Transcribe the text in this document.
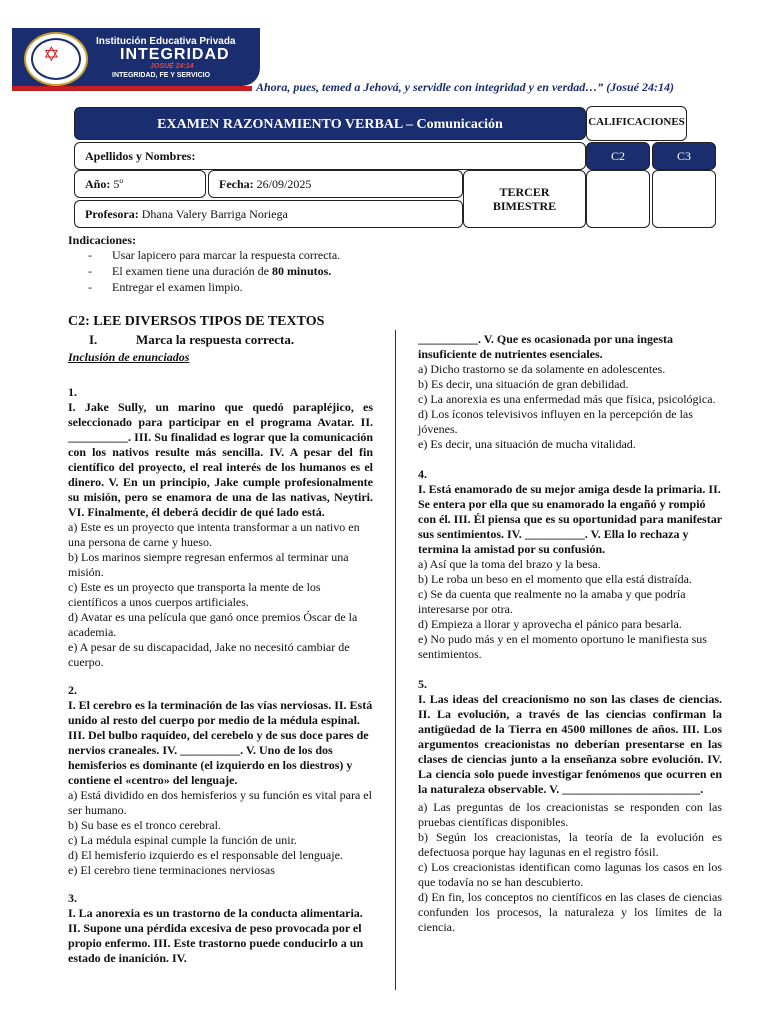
✡
Institución Educativa Privada
INTEGRIDAD
JOSUÉ 24:14
INTEGRIDAD, FE Y SERVICIO
Ahora, pues, temed a Jehová, y servidle con integridad y en verdad…” (Josué 24:14)
EXAMEN RAZONAMIENTO VERBAL – Comunicación	CALIFICACIONES
Apellidos y Nombres:	C2	C3
Año: 5º	Fecha: 26/09/2025
TERCER
BIMESTRE
Profesora: Dhana Valery Barriga Noriega
Indicaciones:
- Usar lapicero para marcar la respuesta correcta.
- El examen tiene una duración de 80 minutos.
- Entregar el examen limpio.
C2: LEE DIVERSOS TIPOS DE TEXTOS
I.	Marca la respuesta correcta.
Inclusión de enunciados

1.

I. Jake Sully, un marino que quedó parapléjico, es seleccionado para participar en el programa Avatar. II. __________. III. Su finalidad es lograr que la comunicación con los nativos resulte más sencilla. IV. A pesar del fin científico del proyecto, el real interés de los humanos es el dinero. V. En un principio, Jake cumple profesionalmente su misión, pero se enamora de una de las nativas, Neytiri. VI. Finalmente, él deberá decidir de qué lado está.

a) Este es un proyecto que intenta transformar a un nativo en una persona de carne y hueso.

b) Los marinos siempre regresan enfermos al terminar una misión.

c) Este es un proyecto que transporta la mente de los científicos a unos cuerpos artificiales.

d) Avatar es una película que ganó once premios Óscar de la academia.

e) A pesar de su discapacidad, Jake no necesitó cambiar de cuerpo.

2.

I. El cerebro es la terminación de las vías nerviosas. II. Está unido al resto del cuerpo por medio de la médula espinal. III. Del bulbo raquídeo, del cerebelo y de sus doce pares de nervios craneales. IV. __________. V. Uno de los dos hemisferios es dominante (el izquierdo en los diestros) y contiene el «centro» del lenguaje.

a) Está dividido en dos hemisferios y su función es vital para el ser humano.

b) Su base es el tronco cerebral.

c) La médula espinal cumple la función de unir.

d) El hemisferio izquierdo es el responsable del lenguaje.

e) El cerebro tiene terminaciones nerviosas

3.

I. La anorexia es un trastorno de la conducta alimentaria. II. Supone una pérdida excesiva de peso provocada por el propio enfermo. III. Este trastorno puede conducirlo a un estado de inanición. IV.

__________. V. Que es ocasionada por una ingesta insuficiente de nutrientes esenciales.

a) Dicho trastorno se da solamente en adolescentes.

b) Es decir, una situación de gran debilidad.

c) La anorexia es una enfermedad más que física, psicológica.

d) Los íconos televisivos influyen en la percepción de las jóvenes.

e) Es decir, una situación de mucha vitalidad.

4.

I. Está enamorado de su mejor amiga desde la primaria. II. Se entera por ella que su enamorado la engañó y rompió con él. III. Él piensa que es su oportunidad para manifestar sus sentimientos. IV. __________. V. Ella lo rechaza y termina la amistad por su confusión.

a) Así que la toma del brazo y la besa.

b) Le roba un beso en el momento que ella está distraída.

c) Se da cuenta que realmente no la amaba y que podría interesarse por otra.

d) Empieza a llorar y aprovecha el pánico para besarla.

e) No pudo más y en el momento oportuno le manifiesta sus sentimientos.

5.

I. Las ideas del creacionismo no son las clases de ciencias. II. La evolución, a través de las ciencias confirman la antigüedad de la Tierra en 4500 millones de años. III. Los argumentos creacionistas no deberían presentarse en las clases de ciencias junto a la enseñanza sobre evolución. IV. La ciencia solo puede investigar fenómenos que ocurren en la naturaleza observable. V. _______________________.

a) Las preguntas de los creacionistas se responden con las pruebas científicas disponibles.

b) Según los creacionistas, la teoría de la evolución es defectuosa porque hay lagunas en el registro fósil.

c) Los creacionistas identifican como lagunas los casos en los que todavía no se han descubierto.

d) En fin, los conceptos no científicos en las clases de ciencias confunden los procesos, la naturaleza y los límites de la ciencia.
